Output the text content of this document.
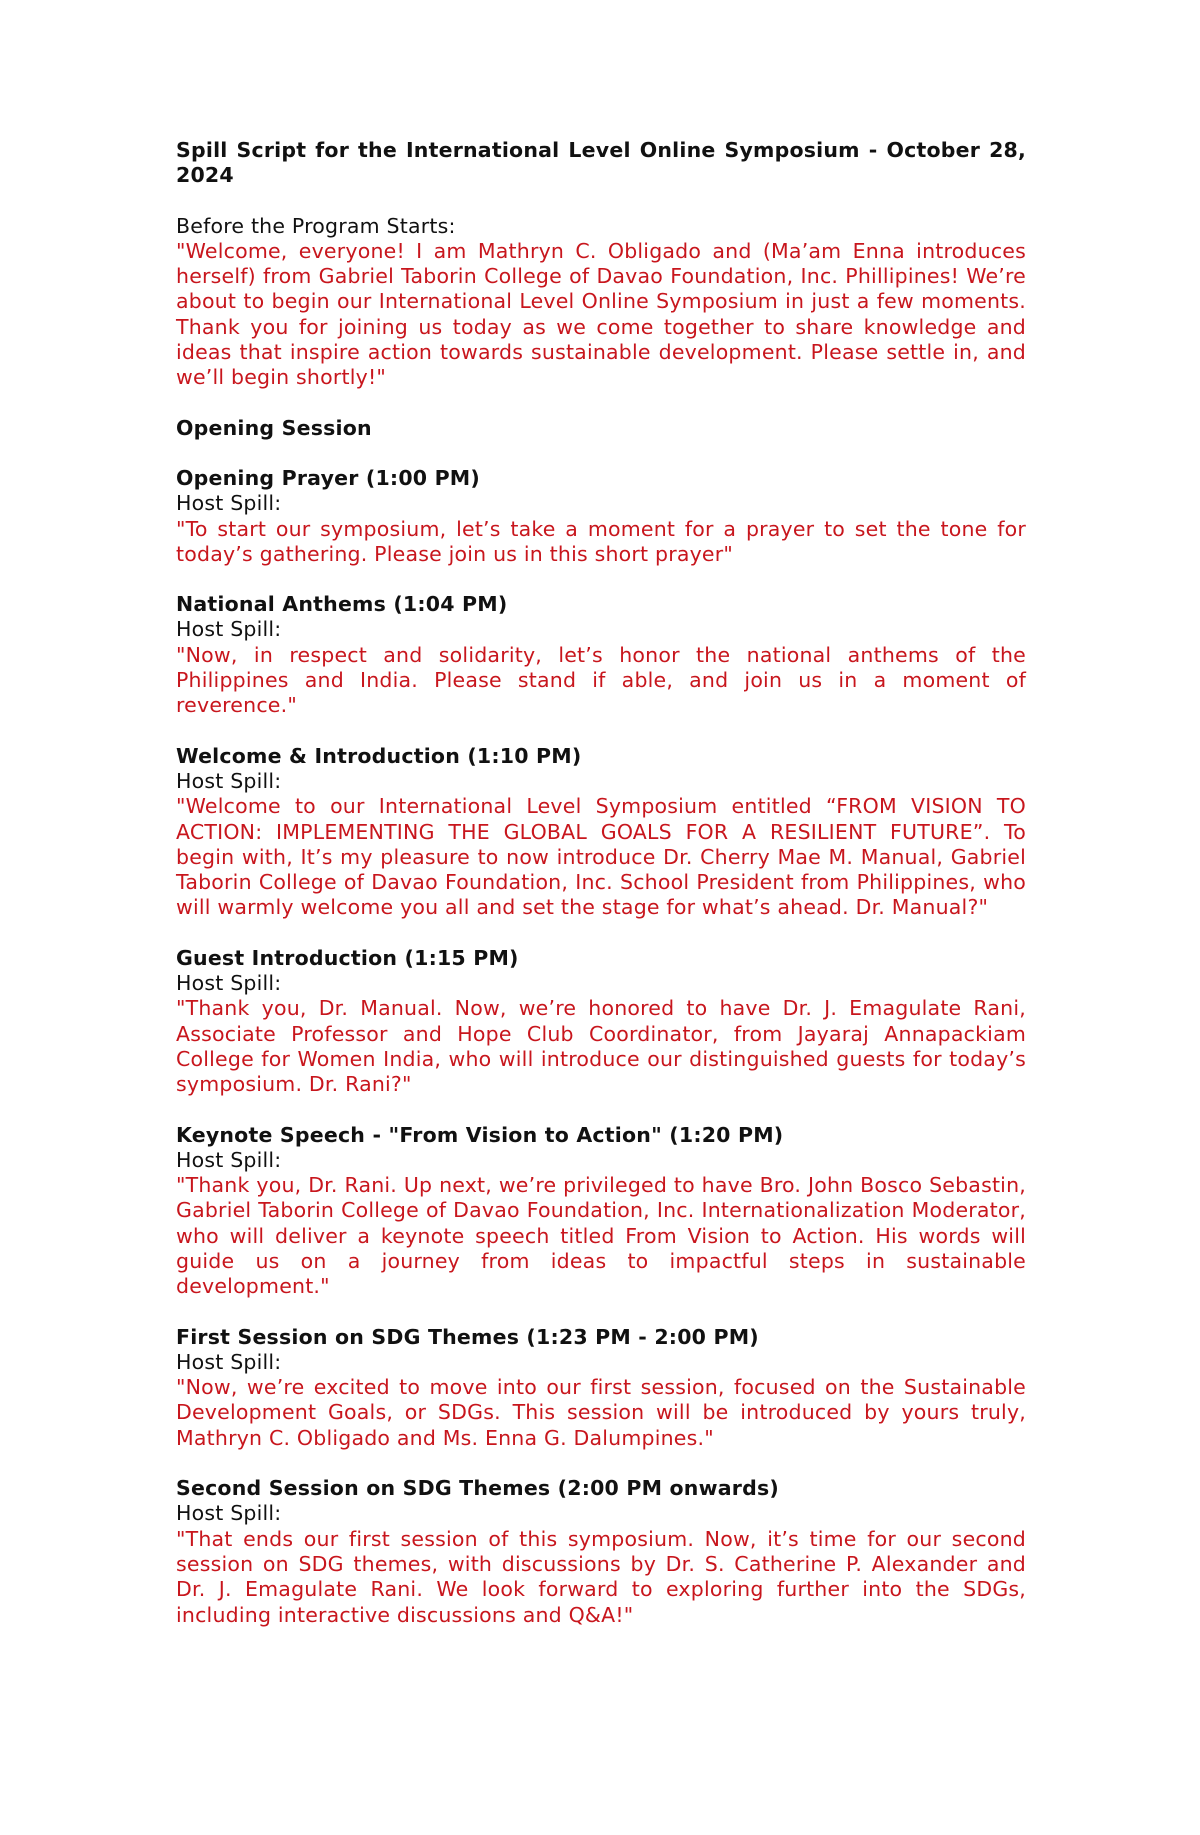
Spill Script for the International Level Online Symposium - October 28, 2024

Before the Program Starts:

"Welcome, everyone! I am Mathryn C. Obligado and (Ma’am Enna introduces herself) from Gabriel Taborin College of Davao Foundation, Inc. Phillipines! We’re about to begin our International Level Online Symposium in just a few moments. Thank you for joining us today as we come together to share knowledge and ideas that inspire action towards sustainable development. Please settle in, and we’ll begin shortly!"

Opening Session

Opening Prayer (1:00 PM)

Host Spill:

"To start our symposium, let’s take a moment for a prayer to set the tone for today’s gathering. Please join us in this short prayer"

National Anthems (1:04 PM)

Host Spill:

"Now, in respect and solidarity, let’s honor the national anthems of the Philippines and India. Please stand if able, and join us in a moment of reverence."

Welcome & Introduction (1:10 PM)

Host Spill:

"Welcome to our International Level Symposium entitled “FROM VISION TO ACTION: IMPLEMENTING THE GLOBAL GOALS FOR A RESILIENT FUTURE”. To begin with, It’s my pleasure to now introduce Dr. Cherry Mae M. Manual, Gabriel Taborin College of Davao Foundation, Inc. School President from Philippines, who will warmly welcome you all and set the stage for what’s ahead. Dr. Manual?"

Guest Introduction (1:15 PM)

Host Spill:

"Thank you, Dr. Manual. Now, we’re honored to have Dr. J. Emagulate Rani, Associate Professor and Hope Club Coordinator, from Jayaraj Annapackiam College for Women India, who will introduce our distinguished guests for today’s symposium. Dr. Rani?"

Keynote Speech - "From Vision to Action" (1:20 PM)

Host Spill:

"Thank you, Dr. Rani. Up next, we’re privileged to have Bro. John Bosco Sebastin, Gabriel Taborin College of Davao Foundation, Inc. Internationalization Moderator, who will deliver a keynote speech titled From Vision to Action. His words will guide us on a journey from ideas to impactful steps in sustainable development."

First Session on SDG Themes (1:23 PM - 2:00 PM)

Host Spill:

"Now, we’re excited to move into our first session, focused on the Sustainable Development Goals, or SDGs. This session will be introduced by yours truly, Mathryn C. Obligado and Ms. Enna G. Dalumpines."

Second Session on SDG Themes (2:00 PM onwards)

Host Spill:

"That ends our first session of this symposium. Now, it’s time for our second session on SDG themes, with discussions by Dr. S. Catherine P. Alexander and Dr. J. Emagulate Rani. We look forward to exploring further into the SDGs, including interactive discussions and Q&A!"
